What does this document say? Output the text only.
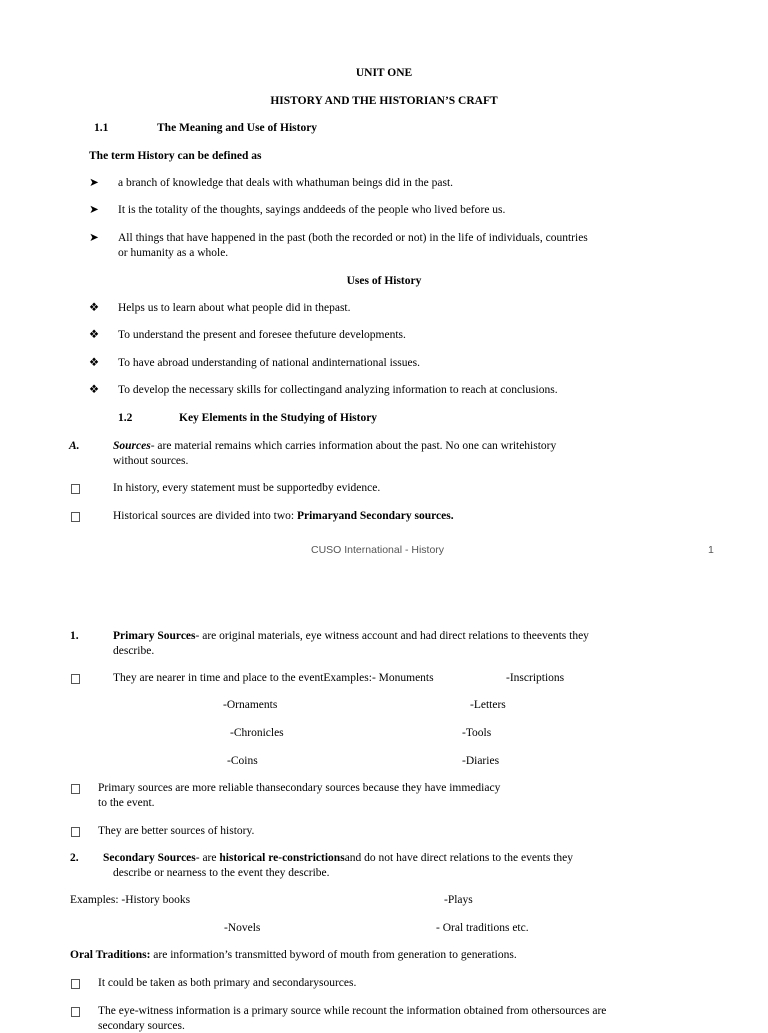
UNIT ONE
HISTORY AND THE HISTORIAN’S CRAFT
1.1	The Meaning and Use of History
The term History can be defined as
➤ a branch of knowledge that deals with whathuman beings did in the past.
➤ It is the totality of the thoughts, sayings anddeeds of the people who lived before us.
➤ All things that have happened in the past (both the recorded or not) in the life of individuals, countries
or humanity as a whole.
Uses of History
❖ Helps us to learn about what people did in thepast.
❖ To understand the present and foresee thefuture developments.
❖ To have abroad understanding of national andinternational issues.
❖ To develop the necessary skills for collectingand analyzing information to reach at conclusions.
1.2	Key Elements in the Studying of History
A.	Sources- are material remains which carries information about the past. No one can writehistory
without sources.
In history, every statement must be supportedby evidence.
Historical sources are divided into two: Primaryand Secondary sources.
CUSO International - History	1
1.	Primary Sources- are original materials, eye witness account and had direct relations to theevents they
describe.
They are nearer in time and place to the eventExamples:- Monuments	-Inscriptions
-Ornaments	-Letters
-Chronicles	-Tools
-Coins	-Diaries
Primary sources are more reliable thansecondary sources because they have immediacy
to the event.
They are better sources of history.
2. Secondary Sources- are historical re-constrictionsand do not have direct relations to the events they
describe or nearness to the event they describe.
Examples: -History books	-Plays
-Novels	- Oral traditions etc.
Oral Traditions: are information’s transmitted byword of mouth from generation to generations.
It could be taken as both primary and secondarysources.
The eye-witness information is a primary source while recount the information obtained from othersources are
secondary sources.
